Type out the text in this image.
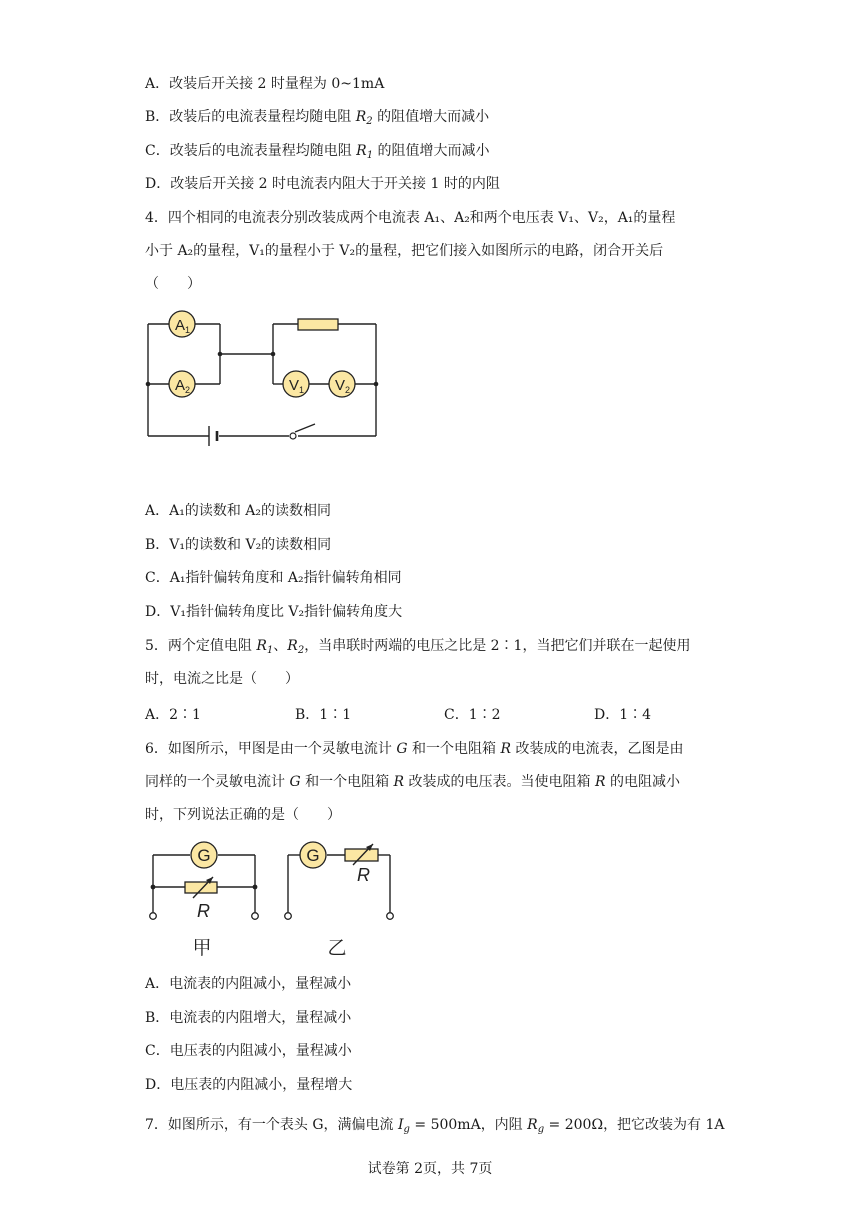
A．改装后开关接 2 时量程为 0~1mA
B．改装后的电流表量程均随电阻 $R_2$ 的阻值增大而减小
C．改装后的电流表量程均随电阻 $R_1$ 的阻值增大而减小
D．改装后开关接 2 时电流表内阻大于开关接 1 时的内阻
4．四个相同的电流表分别改装成两个电流表 A₁、A₂和两个电压表 V₁、V₂，A₁的量程
小于 A₂的量程，V₁的量程小于 V₂的量程，把它们接入如图所示的电路，闭合开关后
（　　）
$A_1$
$A_2$	$V_1$ $V_2$
A．A₁的读数和 A₂的读数相同
B．V₁的读数和 V₂的读数相同
C．A₁指针偏转角度和 A₂指针偏转角相同
D．V₁指针偏转角度比 V₂指针偏转角度大
5．两个定值电阻 $R_1$、$R_2$，当串联时两端的电压之比是 2∶1，当把它们并联在一起使用
时，电流之比是（　　）
A．2∶1	B．1∶1	C．1∶2	D．1∶4
6．如图所示，甲图是由一个灵敏电流计 G 和一个电阻箱 R 改装成的电流表，乙图是由
同样的一个灵敏电流计 G 和一个电阻箱 R 改装成的电压表。当使电阻箱 R 的电阻减小
时，下列说法正确的是（　　）
G	G
R
R
甲	乙
A．电流表的内阻减小，量程减小
B．电流表的内阻增大，量程减小
C．电压表的内阻减小，量程减小
D．电压表的内阻减小，量程增大
7．如图所示，有一个表头 G，满偏电流 $I_g = 500mA$，内阻 $R_g = 200\Omega$，把它改装为有 1A
试卷第 2页，共 7页
